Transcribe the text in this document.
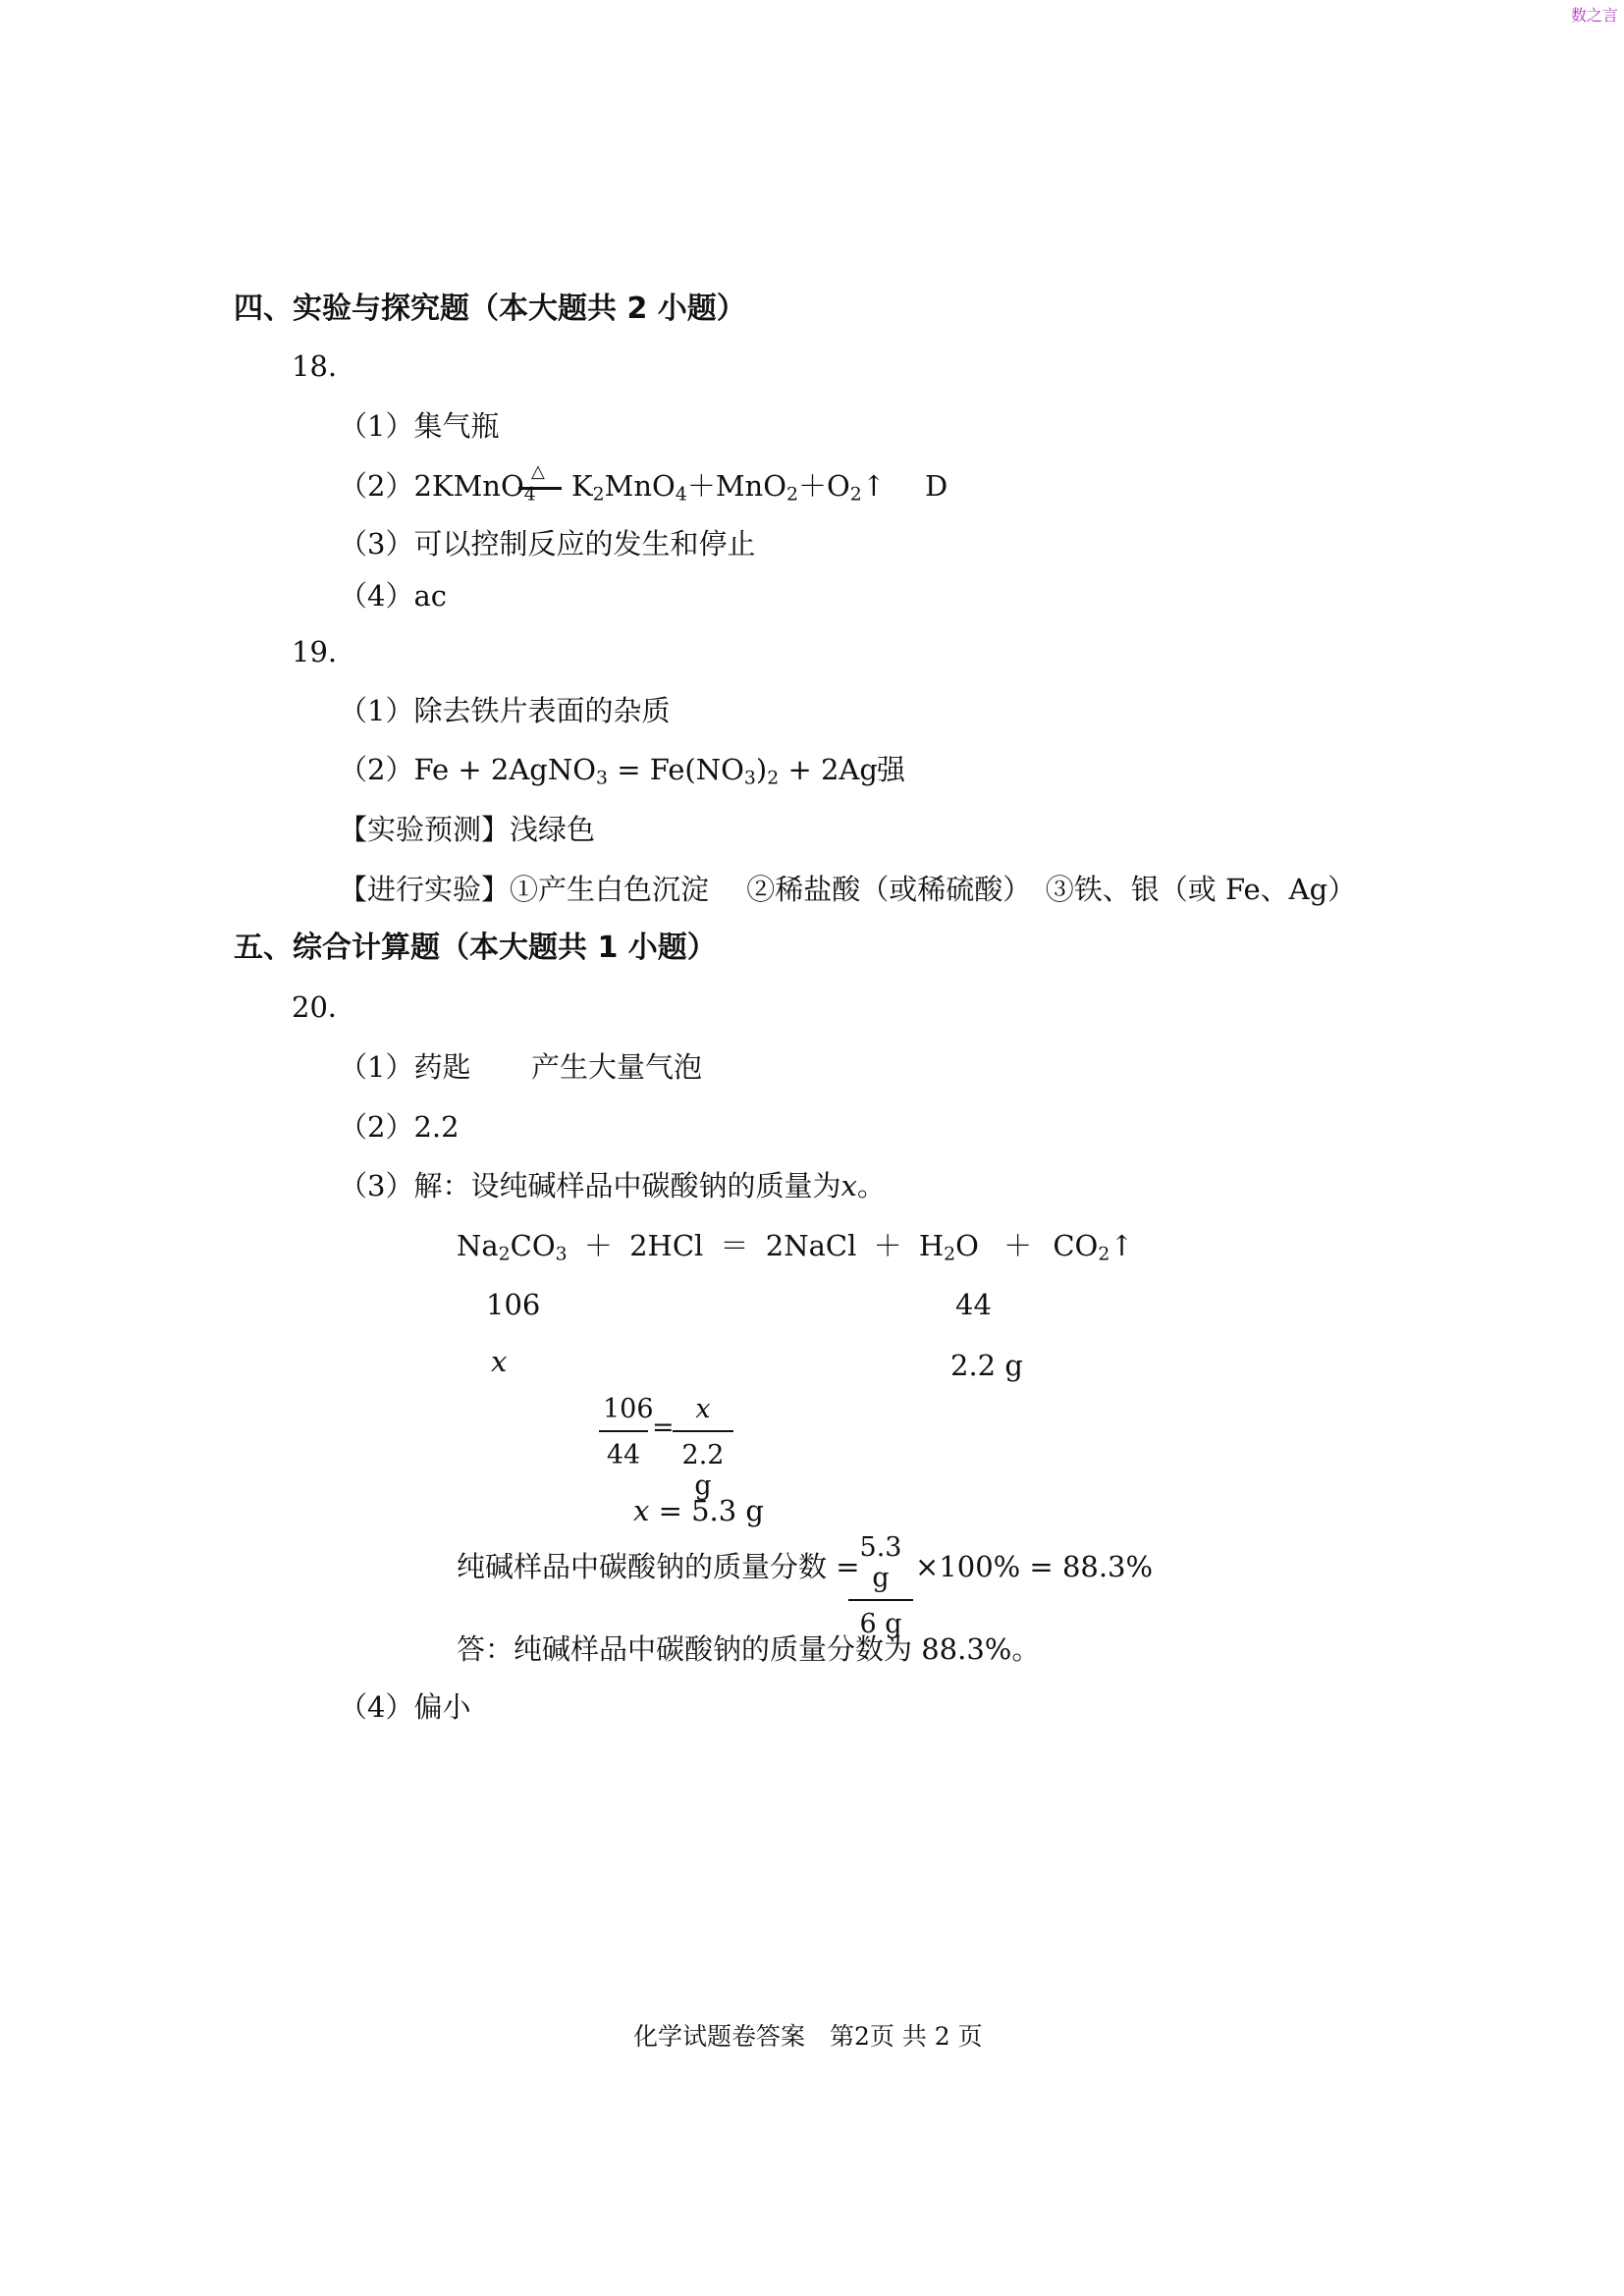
数之言
四、实验与探究题（本大题共 2 小题）
18.
（1）集气瓶
（2）2KMnO$_4$
△ $K_2MnO_4+MnO_2+O_2↑$ D
（3）可以控制反应的发生和停止
（4）ac
19.
（1）除去铁片表面的杂质
（2）Fe + 2AgNO$_3$ = $Fe(NO_3)_2 + 2Ag$ 强
【实验预测】浅绿色
【进行实验】①产生白色沉淀　 ②稀盐酸（或稀硫酸）　③铁、银（或 Fe、Ag）
五、综合计算题（本大题共 1 小题）
20．
（1）药匙 产生大量气泡
（2）2.2
（3）解：设纯碱样品中碳酸钠的质量为x。
$Na_2CO_3 + 2HCl$ ＝ 2NaCl ＋ $H_2O$ ＋ $CO_2↑$
106	44
x	2.2 g
106
44
=
x
2.2 g
x = 5.3 g
纯碱样品中碳酸钠的质量分数 =
5.3 g
6 g
×100% = 88.3%
答：纯碱样品中碳酸钠的质量分数为 88.3%。
（4）偏小
化学试题卷答案　第2页 共 2 页
